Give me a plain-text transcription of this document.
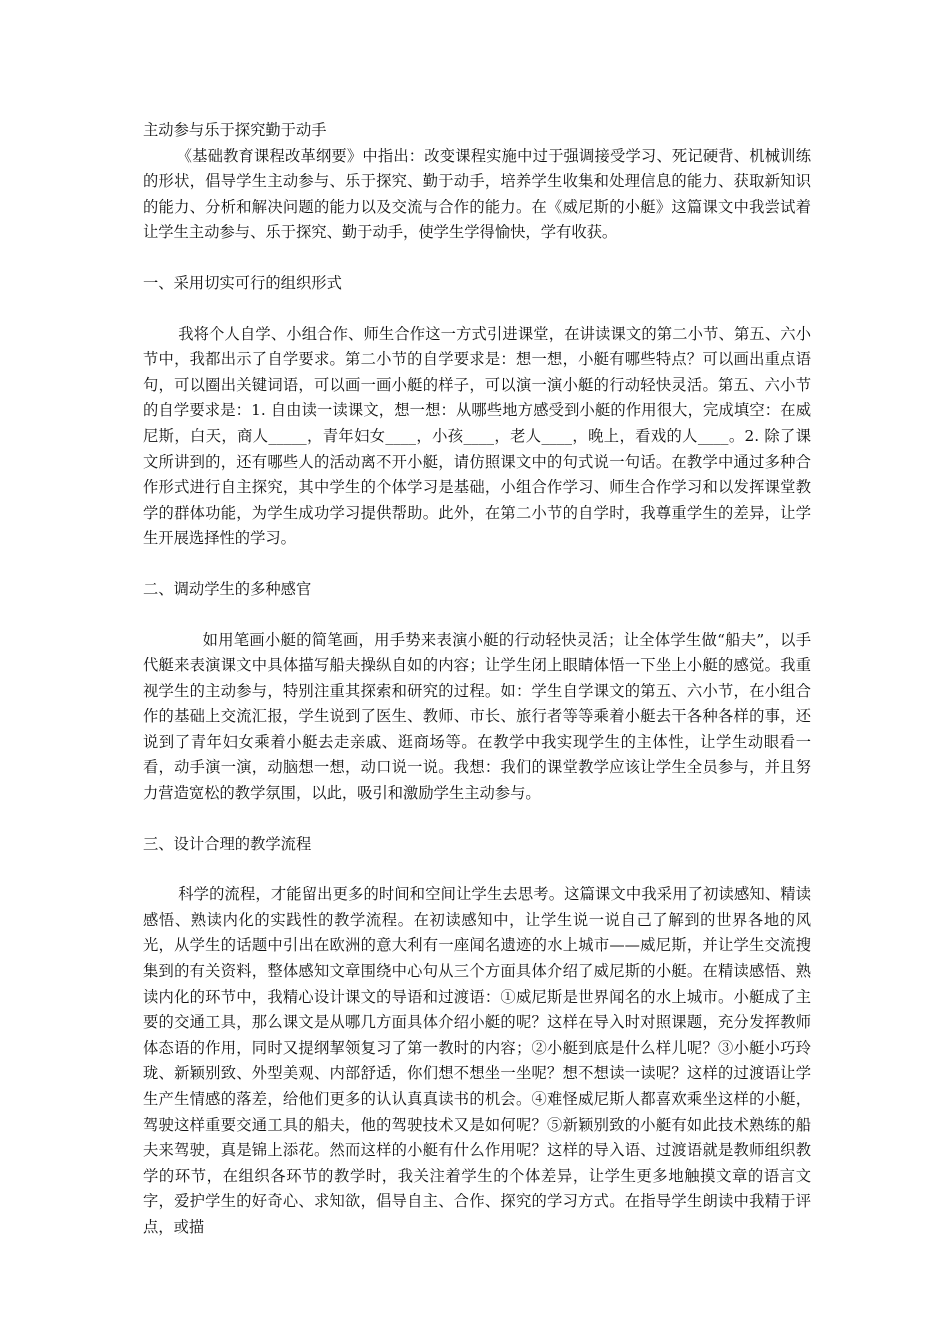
主动参与乐于探究勤于动手

《基础教育课程改革纲要》中指出：改变课程实施中过于强调接受学习、死记硬背、机械训练的形状，倡导学生主动参与、乐于探究、勤于动手，培养学生收集和处理信息的能力、获取新知识的能力、分析和解决问题的能力以及交流与合作的能力。在《威尼斯的小艇》这篇课文中我尝试着让学生主动参与、乐于探究、勤于动手，使学生学得愉快，学有收获。

一、采用切实可行的组织形式

我将个人自学、小组合作、师生合作这一方式引进课堂，在讲读课文的第二小节、第五、六小节中，我都出示了自学要求。第二小节的自学要求是：想一想，小艇有哪些特点？可以画出重点语句，可以圈出关键词语，可以画一画小艇的样子，可以演一演小艇的行动轻快灵活。第五、六小节的自学要求是：1. 自由读一读课文，想一想：从哪些地方感受到小艇的作用很大，完成填空：在威尼斯，白天，商人_____，青年妇女____，小孩____，老人____，晚上，看戏的人____。2. 除了课文所讲到的，还有哪些人的活动离不开小艇，请仿照课文中的句式说一句话。在教学中通过多种合作形式进行自主探究，其中学生的个体学习是基础，小组合作学习、师生合作学习和以发挥课堂教学的群体功能，为学生成功学习提供帮助。此外，在第二小节的自学时，我尊重学生的差异，让学生开展选择性的学习。

二、调动学生的多种感官

如用笔画小艇的简笔画，用手势来表演小艇的行动轻快灵活；让全体学生做“船夫”，以手代艇来表演课文中具体描写船夫操纵自如的内容；让学生闭上眼睛体悟一下坐上小艇的感觉。我重视学生的主动参与，特别注重其探索和研究的过程。如：学生自学课文的第五、六小节，在小组合作的基础上交流汇报，学生说到了医生、教师、市长、旅行者等等乘着小艇去干各种各样的事，还说到了青年妇女乘着小艇去走亲戚、逛商场等。在教学中我实现学生的主体性，让学生动眼看一看，动手演一演，动脑想一想，动口说一说。我想：我们的课堂教学应该让学生全员参与，并且努力营造宽松的教学氛围，以此，吸引和激励学生主动参与。

三、设计合理的教学流程

科学的流程，才能留出更多的时间和空间让学生去思考。这篇课文中我采用了初读感知、精读感悟、熟读内化的实践性的教学流程。在初读感知中，让学生说一说自己了解到的世界各地的风光，从学生的话题中引出在欧洲的意大利有一座闻名遗迹的水上城市——威尼斯，并让学生交流搜集到的有关资料，整体感知文章围绕中心句从三个方面具体介绍了威尼斯的小艇。在精读感悟、熟读内化的环节中，我精心设计课文的导语和过渡语：①威尼斯是世界闻名的水上城市。小艇成了主要的交通工具，那么课文是从哪几方面具体介绍小艇的呢？这样在导入时对照课题，充分发挥教师体态语的作用，同时又提纲挈领复习了第一教时的内容；②小艇到底是什么样儿呢？③小艇小巧玲珑、新颖别致、外型美观、内部舒适，你们想不想坐一坐呢？想不想读一读呢？这样的过渡语让学生产生情感的落差，给他们更多的认认真真读书的机会。④难怪威尼斯人都喜欢乘坐这样的小艇，驾驶这样重要交通工具的船夫，他的驾驶技术又是如何呢？⑤新颖别致的小艇有如此技术熟练的船夫来驾驶，真是锦上添花。然而这样的小艇有什么作用呢？这样的导入语、过渡语就是教师组织教学的环节，在组织各环节的教学时，我关注着学生的个体差异，让学生更多地触摸文章的语言文字，爱护学生的好奇心、求知欲，倡导自主、合作、探究的学习方式。在指导学生朗读中我精于评点，或描
